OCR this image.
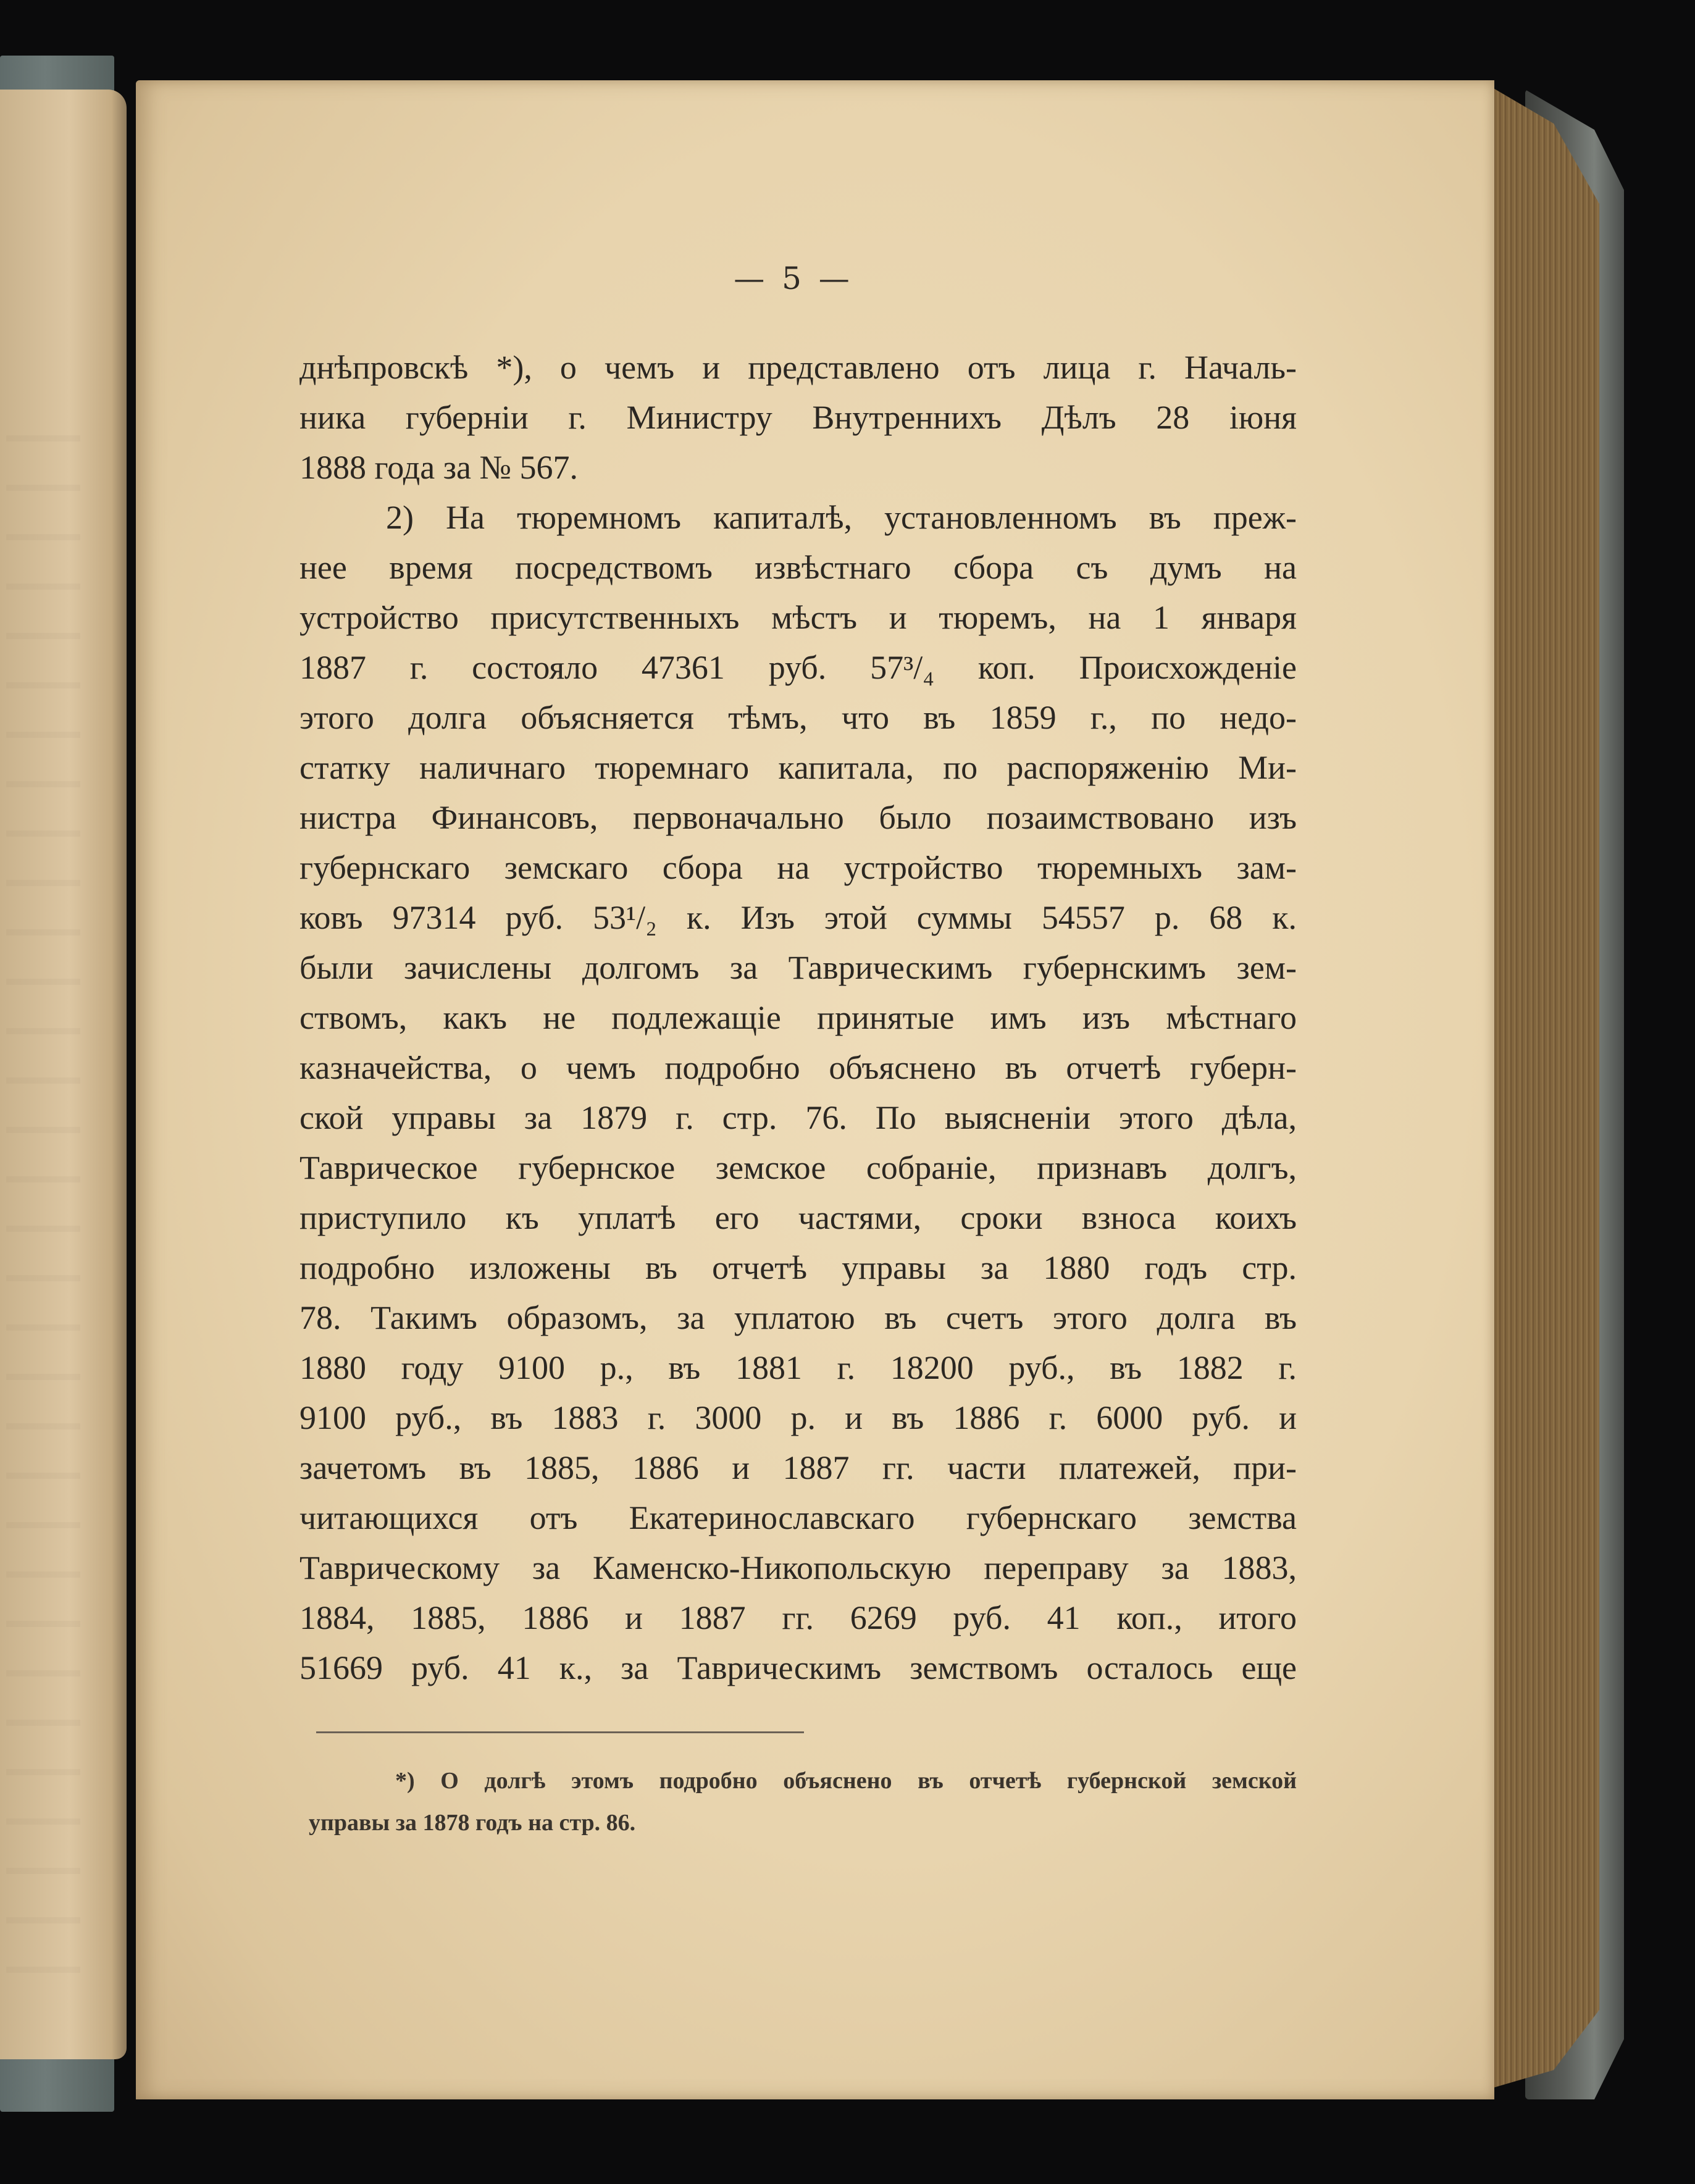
— 5 —
днѣпровскѣ *), о чемъ и представлено отъ лица г. Началь-
ника губерніи г. Министру Внутреннихъ Дѣлъ 28 іюня
1888 года за № 567.
2) На тюремномъ капиталѣ, установленномъ въ преж-
нее время посредствомъ извѣстнаго сбора съ думъ на
устройство присутственныхъ мѣстъ и тюремъ, на 1 января
1887 г. состояло 47361 руб. 57³/₄ коп. Происхожденіе
этого долга объясняется тѣмъ, что въ 1859 г., по недо-
статку наличнаго тюремнаго капитала, по распоряженію Ми-
нистра Финансовъ, первоначально было позаимствовано изъ
губернскаго земскаго сбора на устройство тюремныхъ зам-
ковъ 97314 руб. 53¹/₂ к. Изъ этой суммы 54557 р. 68 к.
были зачислены долгомъ за Таврическимъ губернскимъ зем-
ствомъ, какъ не подлежащіе принятые имъ изъ мѣстнаго
казначейства, о чемъ подробно объяснено въ отчетѣ губерн-
ской управы за 1879 г. стр. 76. По выясненіи этого дѣла,
Таврическое губернское земское собраніе, признавъ долгъ,
приступило къ уплатѣ его частями, сроки взноса коихъ
подробно изложены въ отчетѣ управы за 1880 годъ стр.
78. Такимъ образомъ, за уплатою въ счетъ этого долга въ
1880 году 9100 р., въ 1881 г. 18200 руб., въ 1882 г.
9100 руб., въ 1883 г. 3000 р. и въ 1886 г. 6000 руб. и
зачетомъ въ 1885, 1886 и 1887 гг. части платежей, при-
читающихся отъ Екатеринославскаго губернскаго земства
Таврическому за Каменско-Никопольскую переправу за 1883,
1884, 1885, 1886 и 1887 гг. 6269 руб. 41 коп., итого
51669 руб. 41 к., за Таврическимъ земствомъ осталось еще
*) О долгѣ этомъ подробно объяснено въ отчетѣ губернской земской
управы за 1878 годъ на стр. 86.
